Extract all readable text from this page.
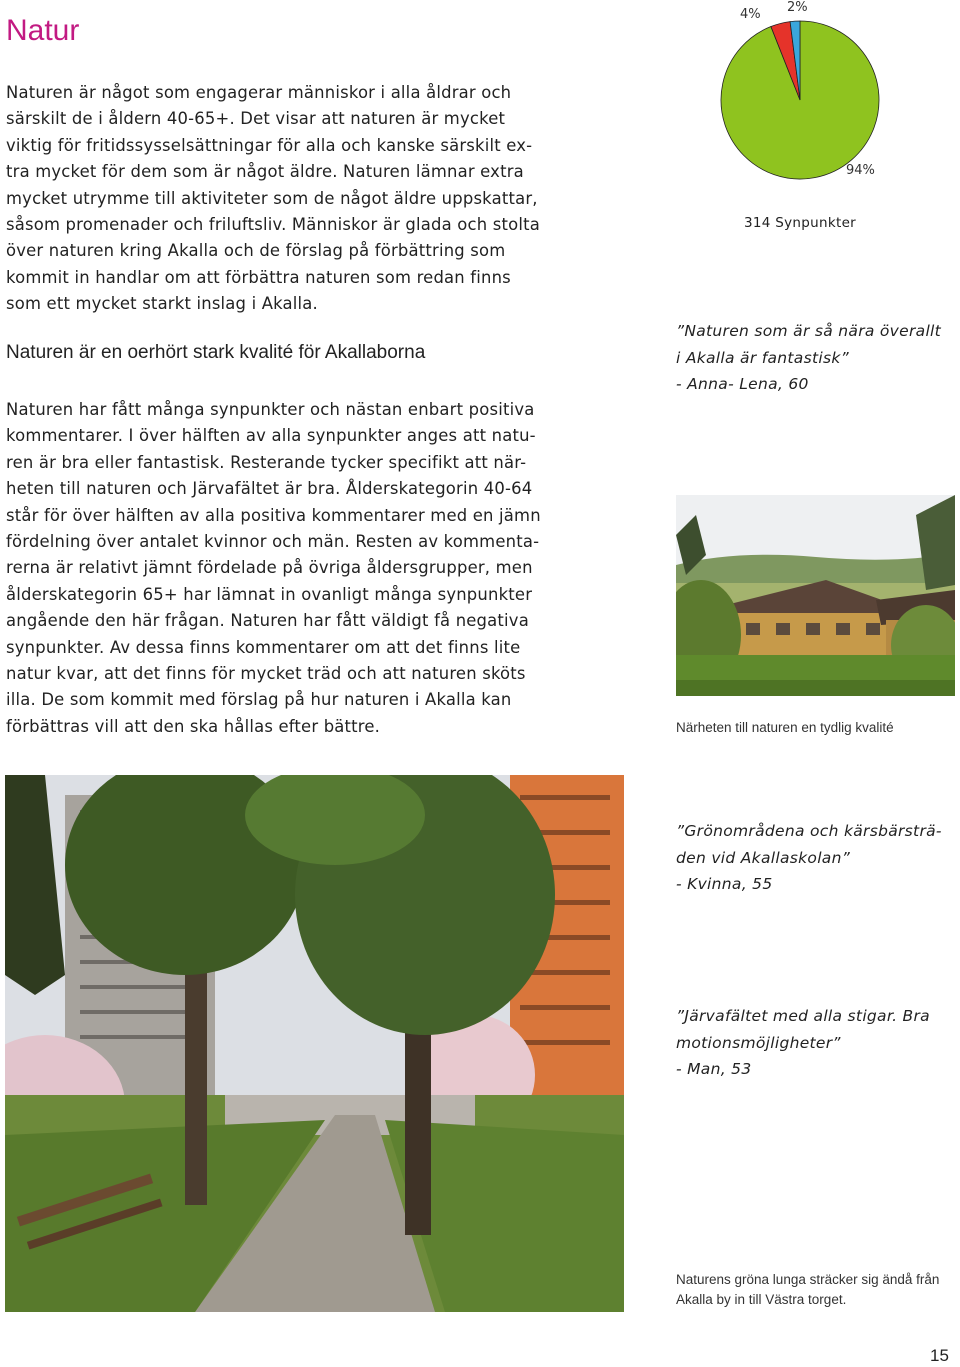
Natur
Naturen är något som engagerar människor i alla åldrar och
särskilt de i åldern 40-65+. Det visar att naturen är mycket
viktig för fritidssysselsättningar för alla och kanske särskilt ex-
tra mycket för dem som är något äldre. Naturen lämnar extra
mycket utrymme till aktiviteter som de något äldre uppskattar,
såsom promenader och friluftsliv. Människor är glada och stolta
över naturen kring Akalla och de förslag på förbättring som
kommit in handlar om att förbättra naturen som redan finns
som ett mycket starkt inslag i Akalla.
Naturen är en oerhört stark kvalité för Akallaborna
Naturen har fått många synpunkter och nästan enbart positiva
kommentarer. I över hälften av alla synpunkter anges att natu-
ren är bra eller fantastisk. Resterande tycker specifikt att när-
heten till naturen och Järvafältet är bra. Ålderskategorin 40-64
står för över hälften av alla positiva kommentarer med en jämn
fördelning över antalet kvinnor och män. Resten av kommenta-
rerna är relativt jämnt fördelade på övriga åldersgrupper, men
ålderskategorin 65+ har lämnat in ovanligt många synpunkter
angående den här frågan. Naturen har fått väldigt få negativa
synpunkter. Av dessa finns kommentarer om att det finns lite
natur kvar, att det finns för mycket träd och att naturen sköts
illa. De som kommit med förslag på hur naturen i Akalla kan
förbättras vill att den ska hållas efter bättre.
4% 2%
94%
314 Synpunkter
”Naturen som är så nära överallt
i Akalla är fantastisk”
- Anna- Lena, 60
Närheten till naturen en tydlig kvalité
”Grönområdena och kärsbärsträ-
den vid Akallaskolan”
- Kvinna, 55
”Järvafältet med alla stigar. Bra
motionsmöjligheter”
- Man, 53
Naturens gröna lunga sträcker sig ändå från
Akalla by in till Västra torget.
15
